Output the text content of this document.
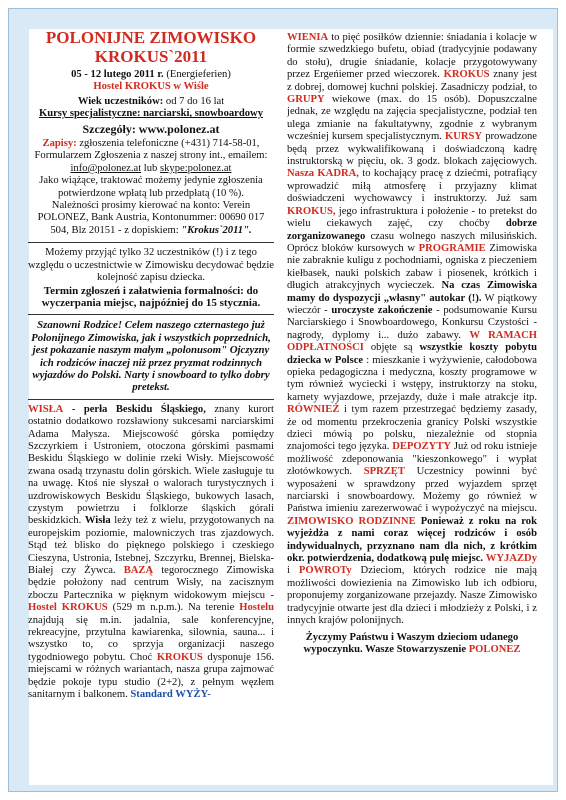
POLONIJNE ZIMOWISKO
KROKUS`2011
05 - 12 lutego 2011 r. (Energieferien)
Hostel KROKUS w Wiśle
Wiek uczestników: od 7 do 16 lat
Kursy specjalistyczne: narciarski, snowboardowy
Szczegóły: www.polonez.at

Zapisy: zgłoszenia telefoniczne (+431) 714-58-01, Formularzem Zgłoszenia z naszej strony int., emailem: info@polonez.at lub skype:polonez.at

Jako wiążące, traktować możemy jedynie zgłoszenia potwierdzone wpłatą lub przedpłatą (10 %).

Należności prosimy kierować na konto: Verein POLONEZ, Bank Austria, Kontonummer: 00690 017 504, Blz 20151 - z dopiskiem: "Krokus`2011".

Możemy przyjąć tylko 32 uczestników (!) i z tego względu o uczestnictwie w Zimowisku decydować będzie kolejność zapisu dziecka.

Termin zgłoszeń i załatwienia formalności: do wyczerpania miejsc, najpóźniej do 15 stycznia.

Szanowni Rodzice! Celem naszego czternastego już Polonijnego Zimowiska, jak i wszystkich poprzednich, jest pokazanie naszym małym „polonusom" Ojczyzny ich rodziców inaczej niż przez pryzmat rodzinnych wyjazdów do Polski. Narty i snowboard to tylko dobry pretekst.

WISŁA - perła Beskidu Śląskiego, znany kurort ostatnio dodatkowo rozsławiony sukcesami narciarskimi Adama Małysza. Miejscowość górska pomiędzy Szczyrkiem i Ustroniem, otoczona górskimi pasmami Beskidu Śląskiego w dolinie rzeki Wisły. Miejscowość zwana osadą trzynastu dolin górskich. Wiele zasługuje tu na uwagę. Ktoś nie słyszał o walorach turystycznych i uzdrowiskowych Beskidu Śląskiego, bukowych lasach, czystym powietrzu i folklorze śląskich górali beskidzkich. Wisła leży też z wielu, przygotowanych na europejskim poziomie, malowniczych tras zjazdowych. Stąd też blisko do pięknego polskiego i czeskiego Cieszyna, Ustronia, Istebnej, Szczyrku, Brennej, Bielska-Białej czy Żywca. BAZĄ tegorocznego Zimowiska będzie położony nad centrum Wisły, na zacisznym zboczu Partecznika w pięknym widokowym miejscu - Hostel KROKUS (529 m n.p.m.). Na terenie Hostelu znajdują się m.in. jadalnia, sale konferencyjne, rekreacyjne, przytulna kawiarenka, silownia, sauna... i wszystko to, co sprzyja organizacji naszego tygodniowego pobytu. Choć KROKUS dysponuje 156. miejscami w różnych wariantach, nasza grupa zajmować będzie pokoje typu studio (2+2), z pełnym węzłem sanitarnym i balkonem. Standard WYŻY-

WIENIA to pięć posiłków dziennie: śniadania i kolacje w formie szwedzkiego bufetu, obiad (tradycyjnie podawany do stołu), drugie śniadanie, kolacje przygotowywany przez Ergeńiemer przed wieczorek. KROKUS znany jest z dobrej, domowej kuchni polskiej. Zasadniczy podział, to GRUPY wiekowe (max. do 15 osób). Dopuszczalne jednak, ze względu na zajęcia specjalistyczne, podział ten ulega zmianie na fakultatywny, zgodnie z wybranym wcześniej kursem specjalistycznym. KURSY prowadzone będą przez wykwalifikowaną i doświadczoną kadrę instruktorską w pięciu, ok. 3 godz. blokach zajęciowych. Nasza KADRA, to kochający pracę z dziećmi, potrafiący wprowadzić miłą atmosferę i przyjazny klimat doświadczeni wychowawcy i instruktorzy. Już sam KROKUS, jego infrastruktura i położenie - to pretekst do wielu ciekawych zajęć, czy choćby dobrze zorganizowanego czasu wolnego naszych milusińskich. Oprócz bloków kursowych w PROGRAMIE Zimowiska nie zabraknie kuligu z pochodniami, ogniska z pieczeniem kiełbasek, nauki polskich zabaw i piosenek, krótkich i długich atrakcyjnych wycieczek. Na czas Zimowiska mamy do dyspozycji „własny" autokar (!). W piątkowy wieczór - uroczyste zakończenie - podsumowanie Kursu Narciarskiego i Snowboardowego, Konkursu Czystości - nagrody, dyplomy i... dużo zabawy. W RAMACH ODPŁATNOŚCI objęte są wszystkie koszty pobytu dziecka w Polsce : mieszkanie i wyżywienie, całodobowa opieka pedagogiczna i medyczna, koszty programowe w tym również wyciecki i wstępy, instruktorzy na stoku, karnety wyjazdowe, przejazdy, duże i małe atrakcje itp. RÓWNIEŻ i tym razem przestrzegać będziemy zasady, że od momentu przekroczenia granicy Polski wszystkie dzieci mówią po polsku, niezależnie od stopnia znajomości tego języka. DEPOZYTY Już od roku istnieje możliwość zdeponowania "kieszonkowego" i wypłat złotówkowych. SPRZĘT Uczestnicy powinni być wyposażeni w sprawdzony przed wyjazdem sprzęt narciarski i snowboardowy. Możemy go również w Państwa imieniu zarezerwować i wypożyczyć na miejscu. ZIMOWISKO RODZINNE Ponieważ z roku na rok wyjeżdża z nami coraz więcej rodziców i osób indywidualnych, przyznano nam dla nich, z krótkim okr. potwierdzenia, dodatkową pulę miejsc. WYJAZDy i POWROTy Dzieciom, których rodzice nie mają możliwości dowiezienia na Zimowisko lub ich odbioru, proponujemy zorganizowane przejazdy. Nasze Zimowisko tradycyjnie otwarte jest dla dzieci i młodzieży z Polski, i z innych krajów polonijnych.

Życzymy Państwu i Waszym dzieciom udanego wypoczynku. Wasze Stowarzyszenie POLONEZ
